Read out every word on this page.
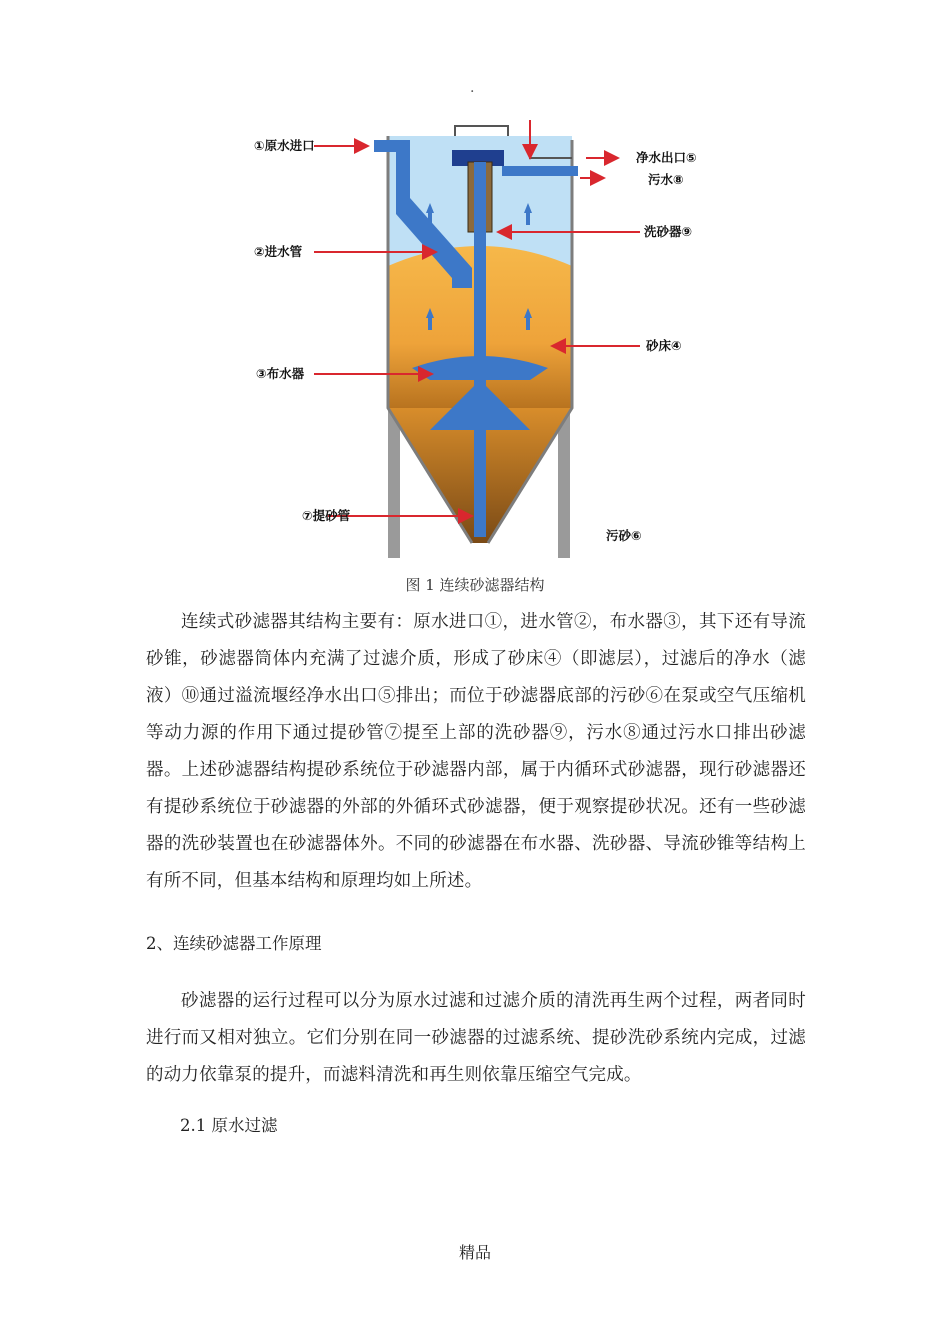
.
①原水进口
②进水管
③布水器
⑦提砂管
净水出口⑤
污水⑧
洗砂器⑨
砂床④
污砂⑥
图 1 连续砂滤器结构
连续式砂滤器其结构主要有：原水进口①，进水管②，布水器③，其下还有导流砂锥，砂滤器筒体内充满了过滤介质，形成了砂床④（即滤层），过滤后的净水（滤液）⑩通过溢流堰经净水出口⑤排出；而位于砂滤器底部的污砂⑥在泵或空气压缩机等动力源的作用下通过提砂管⑦提至上部的洗砂器⑨，污水⑧通过污水口排出砂滤器。上述砂滤器结构提砂系统位于砂滤器内部，属于内循环式砂滤器，现行砂滤器还有提砂系统位于砂滤器的外部的外循环式砂滤器，便于观察提砂状况。还有一些砂滤器的洗砂装置也在砂滤器体外。不同的砂滤器在布水器、洗砂器、导流砂锥等结构上有所不同，但基本结构和原理均如上所述。
2、连续砂滤器工作原理
砂滤器的运行过程可以分为原水过滤和过滤介质的清洗再生两个过程，两者同时进行而又相对独立。它们分别在同一砂滤器的过滤系统、提砂洗砂系统内完成，过滤的动力依靠泵的提升，而滤料清洗和再生则依靠压缩空气完成。
2.1 原水过滤
精品
